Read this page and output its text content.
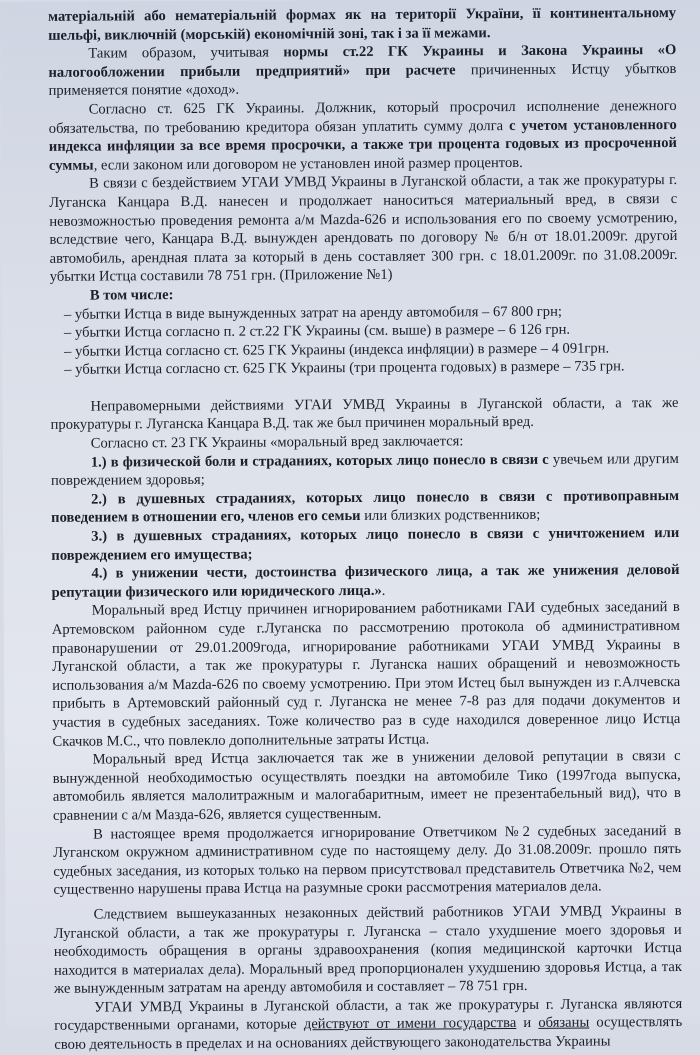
матеріальній або нематеріальній формах як на території України, її континентальному шельфі, виключній (морській) економічній зоні, так і за її межами.

Таким образом, учитывая нормы ст.22 ГК Украины и Закона Украины «О налогообложении прибыли предприятий» при расчете причиненных Истцу убытков применяется понятие «доход».

Согласно ст. 625 ГК Украины. Должник, который просрочил исполнение денежного обязательства, по требованию кредитора обязан уплатить сумму долга с учетом установленного индекса инфляции за все время просрочки, а также три процента годовых из просроченной суммы, если законом или договором не установлен иной размер процентов.

В связи с бездействием УГАИ УМВД Украины в Луганской области, а так же прокуратуры г. Луганска Канцара В.Д. нанесен и продолжает наноситься материальный вред, в связи с невозможностью проведения ремонта а/м Mazda-626 и использования его по своему усмотрению, вследствие чего, Канцара В.Д. вынужден арендовать по договору № б/н от 18.01.2009г. другой автомобиль, арендная плата за который в день составляет 300 грн. с 18.01.2009г. по 31.08.2009г. убытки Истца составили 78 751 грн. (Приложение №1)

В том числе:

– убытки Истца в виде вынужденных затрат на аренду автомобиля – 67 800 грн;

– убытки Истца согласно п. 2 ст.22 ГК Украины (см. выше) в размере – 6 126 грн.

– убытки Истца согласно ст. 625 ГК Украины (индекса инфляции) в размере – 4 091грн.

– убытки Истца согласно ст. 625 ГК Украины (три процента годовых) в размере – 735 грн.

Неправомерными действиями УГАИ УМВД Украины в Луганской области, а так же прокуратуры г. Луганска Канцара В.Д. так же был причинен моральный вред.

Согласно ст. 23 ГК Украины «моральный вред заключается:

1.) в физической боли и страданиях, которых лицо понесло в связи с увечьем или другим повреждением здоровья;

2.) в душевных страданиях, которых лицо понесло в связи с противоправным поведением в отношении его, членов его семьи или близких родственников;

3.) в душевных страданиях, которых лицо понесло в связи с уничтожением или повреждением его имущества;

4.) в унижении чести, достоинства физического лица, а так же унижения деловой репутации физического или юридического лица.».

Моральный вред Истцу причинен игнорированием работниками ГАИ судебных заседаний в Артемовском районном суде г.Луганска по рассмотрению протокола об административном правонарушении от 29.01.2009года, игнорирование работниками УГАИ УМВД Украины в Луганской области, а так же прокуратуры г. Луганска наших обращений и невозможность использования а/м Mazda-626 по своему усмотрению. При этом Истец был вынужден из г.Алчевска прибыть в Артемовский районный суд г. Луганска не менее 7-8 раз для подачи документов и участия в судебных заседаниях. Тоже количество раз в суде находился доверенное лицо Истца Скачков М.С., что повлекло дополнительные затраты Истца.

Моральный вред Истца заключается так же в унижении деловой репутации в связи с вынужденной необходимостью осуществлять поездки на автомобиле Тико (1997года выпуска, автомобиль является малолитражным и малогабаритным, имеет не презентабельный вид), что в сравнении с а/м Мазда-626, является существенным.

В настоящее время продолжается игнорирование Ответчиком №2 судебных заседаний в Луганском окружном административном суде по настоящему делу. До 31.08.2009г. прошло пять судебных заседания, из которых только на первом присутствовал представитель Ответчика №2, чем существенно нарушены права Истца на разумные сроки рассмотрения материалов дела.

Следствием вышеуказанных незаконных действий работников УГАИ УМВД Украины в Луганской области, а так же прокуратуры г. Луганска – стало ухудшение моего здоровья и необходимость обращения в органы здравоохранения (копия медицинской карточки Истца находится в материалах дела). Моральный вред пропорционален ухудшению здоровья Истца, а так же вынужденным затратам на аренду автомобиля и составляет – 78 751 грн.

УГАИ УМВД Украины в Луганской области, а так же прокуратуры г. Луганска являются государственными органами, которые действуют от имени государства и обязаны осуществлять свою деятельность в пределах и на основаниях действующего законодательства Украины
